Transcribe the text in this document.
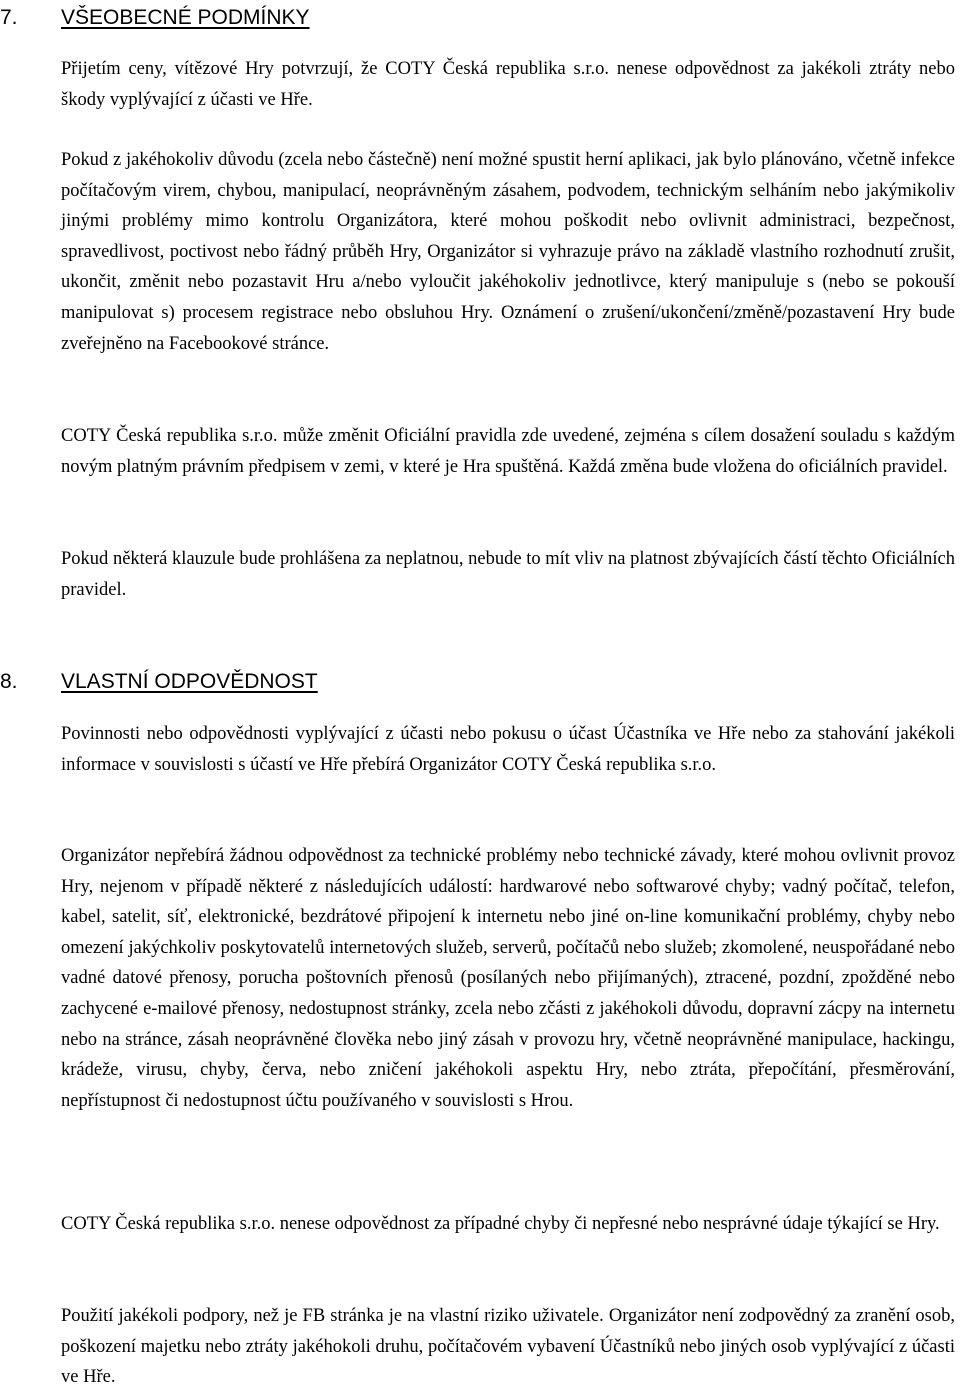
7. VŠEOBECNÉ PODMÍNKY

Přijetím ceny, vítězové Hry potvrzují, že COTY Česká republika s.r.o. nenese odpovědnost za jakékoli ztráty nebo škody vyplývající z účasti ve Hře.

Pokud z jakéhokoliv důvodu (zcela nebo částečně) není možné spustit herní aplikaci, jak bylo plánováno, včetně infekce počítačovým virem, chybou, manipulací, neoprávněným zásahem, podvodem, technickým selháním nebo jakýmikoliv jinými problémy mimo kontrolu Organizátora, které mohou poškodit nebo ovlivnit administraci, bezpečnost, spravedlivost, poctivost nebo řádný průběh Hry, Organizátor si vyhrazuje právo na základě vlastního rozhodnutí zrušit, ukončit, změnit nebo pozastavit Hru a/nebo vyloučit jakéhokoliv jednotlivce, který manipuluje s (nebo se pokouší manipulovat s) procesem registrace nebo obsluhou Hry. Oznámení o zrušení/ukončení/změně/pozastavení Hry bude zveřejněno na Facebookové stránce.

COTY Česká republika s.r.o. může změnit Oficiální pravidla zde uvedené, zejména s cílem dosažení souladu s každým novým platným právním předpisem v zemi, v které je Hra spuštěná. Každá změna bude vložena do oficiálních pravidel.

Pokud některá klauzule bude prohlášena za neplatnou, nebude to mít vliv na platnost zbývajících částí těchto Oficiálních pravidel.

8. VLASTNÍ ODPOVĚDNOST

Povinnosti nebo odpovědnosti vyplývající z účasti nebo pokusu o účast Účastníka ve Hře nebo za stahování jakékoli informace v souvislosti s účastí ve Hře přebírá Organizátor COTY Česká republika s.r.o.

Organizátor nepřebírá žádnou odpovědnost za technické problémy nebo technické závady, které mohou ovlivnit provoz Hry, nejenom v případě některé z následujících událostí: hardwarové nebo softwarové chyby; vadný počítač, telefon, kabel, satelit, síť, elektronické, bezdrátové připojení k internetu nebo jiné on-line komunikační problémy, chyby nebo omezení jakýchkoliv poskytovatelů internetových služeb, serverů, počítačů nebo služeb; zkomolené, neuspořádané nebo vadné datové přenosy, porucha poštovních přenosů (posílaných nebo přijímaných), ztracené, pozdní, zpožděné nebo zachycené e-mailové přenosy, nedostupnost stránky, zcela nebo zčásti z jakéhokoli důvodu, dopravní zácpy na internetu nebo na stránce, zásah neoprávněné člověka nebo jiný zásah v provozu hry, včetně neoprávněné manipulace, hackingu, krádeže, virusu, chyby, červa, nebo zničení jakéhokoli aspektu Hry, nebo ztráta, přepočítání, přesměrování, nepřístupnost či nedostupnost účtu používaného v souvislosti s Hrou.

COTY Česká republika s.r.o. nenese odpovědnost za případné chyby či nepřesné nebo nesprávné údaje týkající se Hry.

Použití jakékoli podpory, než je FB stránka je na vlastní riziko uživatele. Organizátor není zodpovědný za zranění osob, poškození majetku nebo ztráty jakéhokoli druhu, počítačovém vybavení Účastníků nebo jiných osob vyplývající z účasti ve Hře.
